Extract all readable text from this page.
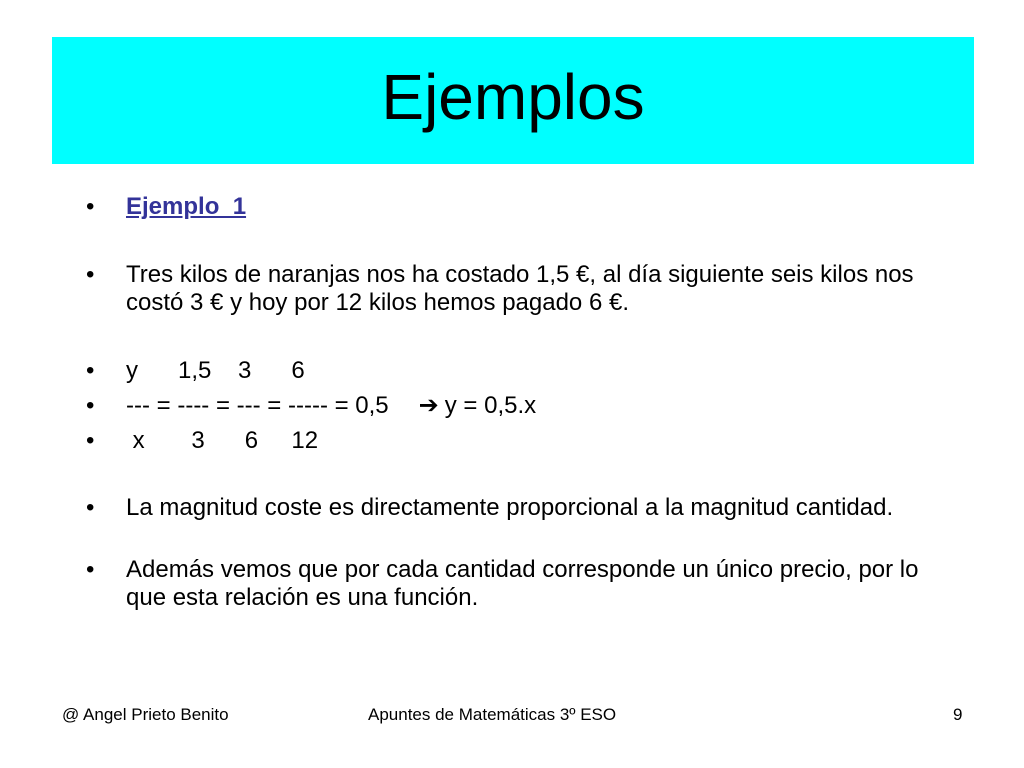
Ejemplos
•	Ejemplo  1
•	Tres kilos de naranjas nos ha costado 1,5 €, al día siguiente seis kilos nos costó 3 € y hoy por 12 kilos hemos pagado 6 €.
•	y      1,5    3      6
•	--- = ---- = --- = ----- = 0,5 ➔ y = 0,5.x
•	x       3      6     12
•	La magnitud coste es directamente proporcional a la magnitud cantidad.
•	Además vemos que por cada cantidad corresponde un único precio, por lo que esta relación es una función.
@ Angel Prieto Benito	Apuntes de Matemáticas 3º ESO	9
